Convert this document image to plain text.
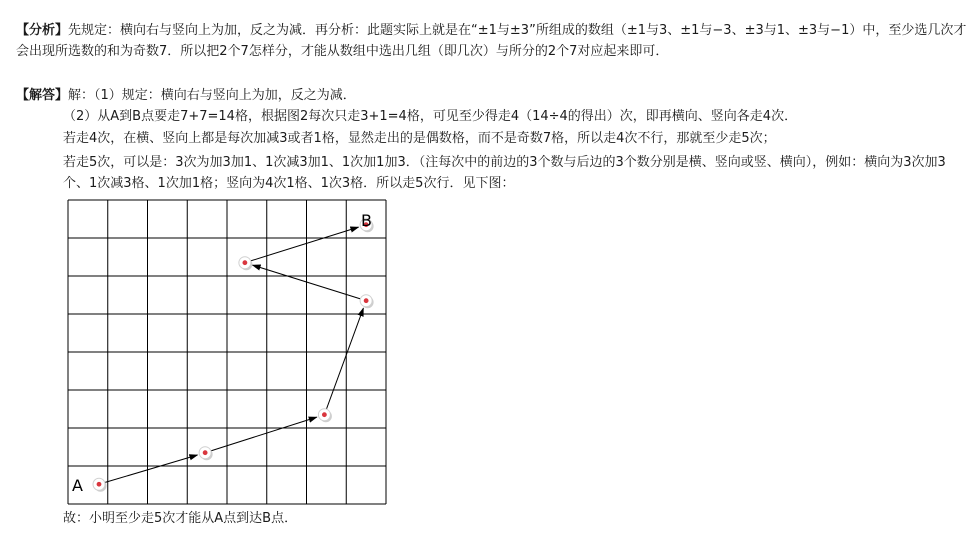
【分析】先规定：横向右与竖向上为加，反之为减．再分析：此题实际上就是在“±1与±3”所组成的数组（±1与3、±1与−3、±3与1、±3与−1）中，至少选几次才会出现所选数的和为奇数7．所以把2个7怎样分，才能从数组中选出几组（即几次）与所分的2个7对应起来即可．
【解答】解：（1）规定：横向右与竖向上为加，反之为减．
（2）从A到B点要走7+7=14格，根据图2每次只走3+1=4格，可见至少得走4（14÷4的得出）次，即再横向、竖向各走4次．
若走4次，在横、竖向上都是每次加减3或者1格，显然走出的是偶数格，而不是奇数7格，所以走4次不行，那就至少走5次；
若走5次，可以是：3次为加3加1、1次减3加1、1次加1加3．（注每次中的前边的3个数与后边的3个数分别是横、竖向或竖、横向），例如：横向为3次加3个、1次减3格、1次加1格；竖向为4次1格、1次3格．所以走5次行．见下图：
A
B
故：小明至少走5次才能从A点到达B点．
